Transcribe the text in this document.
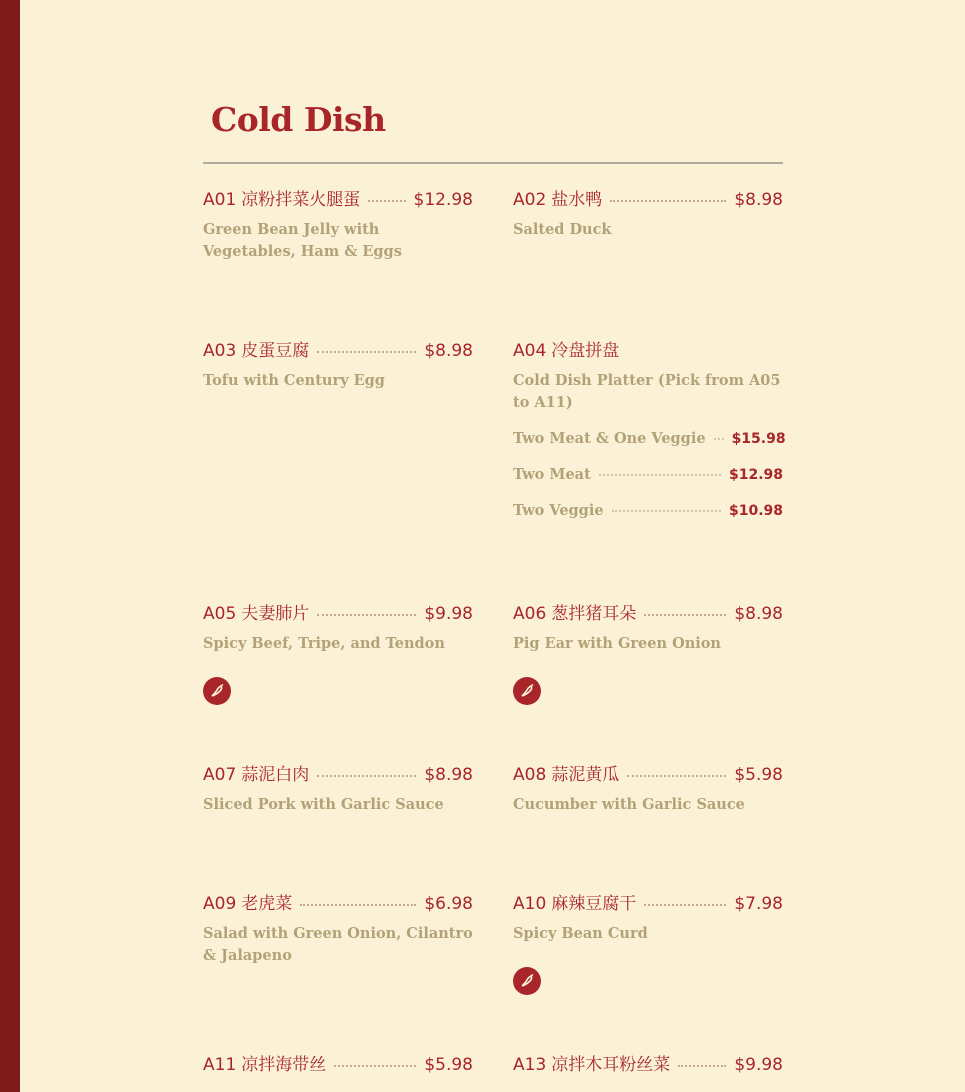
Cold Dish
A01 凉粉拌菜火腿蛋	$12.98
Green Bean Jelly with Vegetables, Ham & Eggs
A02 盐水鸭	$8.98
Salted Duck
A03 皮蛋豆腐	$8.98
Tofu with Century Egg
A04 冷盘拼盘
Cold Dish Platter (Pick from A05 to A11)
Two Meat & One Veggie $15.98
Two Meat	$12.98
Two Veggie	$10.98
A05 夫妻肺片	$9.98
Spicy Beef, Tripe, and Tendon
A06 葱拌猪耳朵	$8.98
Pig Ear with Green Onion
A07 蒜泥白肉	$8.98
Sliced Pork with Garlic Sauce
A08 蒜泥黄瓜	$5.98
Cucumber with Garlic Sauce
A09 老虎菜	$6.98
Salad with Green Onion, Cilantro & Jalapeno
A10 麻辣豆腐干	$7.98
Spicy Bean Curd
A11 凉拌海带丝	$5.98 A13 凉拌木耳粉丝菜	$9.98
